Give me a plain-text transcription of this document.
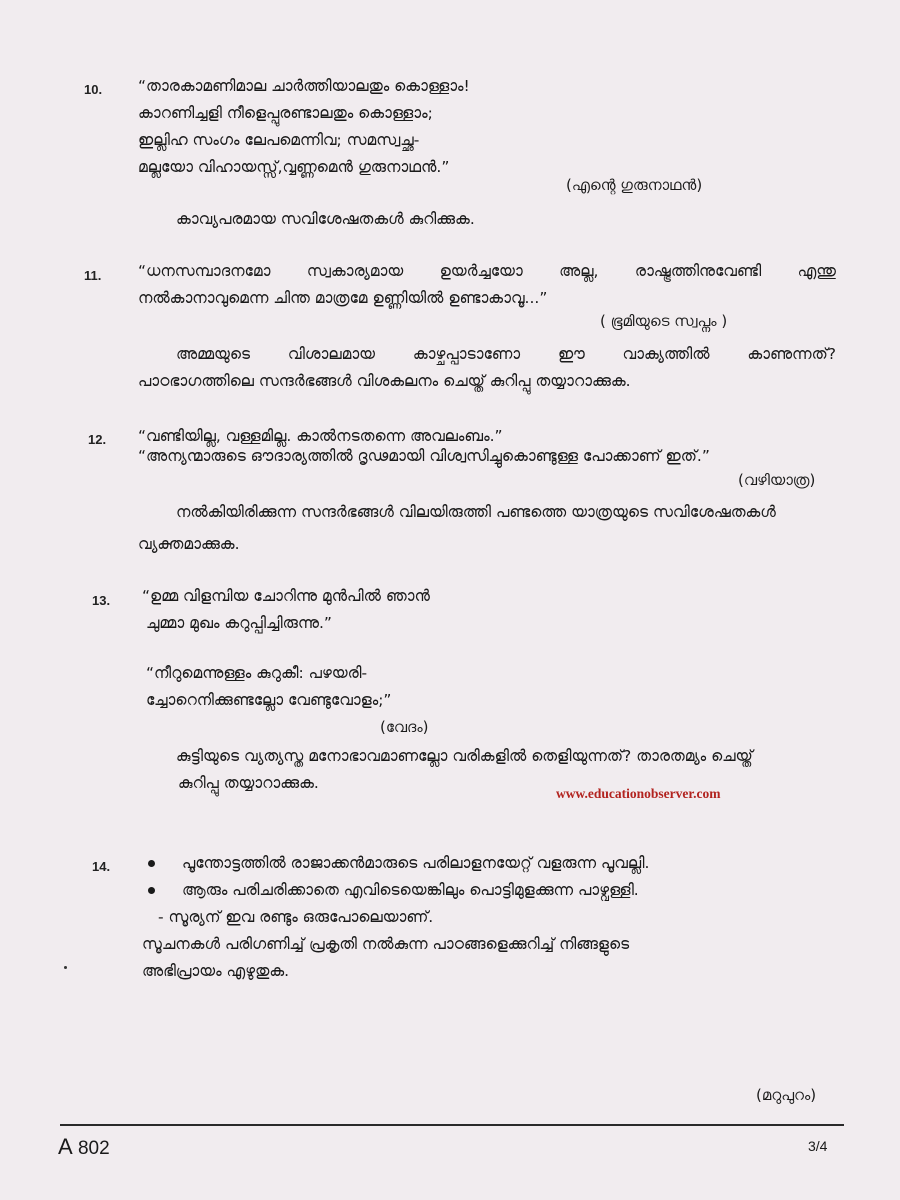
10. “താരകാമണിമാല ചാർത്തിയാലതും കൊള്ളാം!
കാറണിച്ചളി നീളെപ്പുരണ്ടാലതും കൊള്ളാം;
ഇല്ലിഹ സംഗം ലേപമെന്നിവ; സമസ്വച്ഛ-
മല്ലയോ വിഹായസ്സ്,വ്വണ്ണമെൻ ഗുരുനാഥൻ.”
(എന്റെ ഗുരുനാഥൻ)
കാവ്യപരമായ സവിശേഷതകൾ കുറിക്കുക.
11. “ധനസമ്പാദനമോ സ്വകാര്യമായ ഉയർച്ചയോ അല്ല, രാഷ്ട്രത്തിനുവേണ്ടി എന്തു
നൽകാനാവുമെന്ന ചിന്ത മാത്രമേ ഉണ്ണിയിൽ ഉണ്ടാകാവൂ...”
( ഭൂമിയുടെ സ്വപ്നം )
അമ്മയുടെ വിശാലമായ കാഴ്ചപ്പാടാണോ ഈ വാക്യത്തിൽ കാണുന്നത്?
പാഠഭാഗത്തിലെ സന്ദർഭങ്ങൾ വിശകലനം ചെയ്ത് കുറിപ്പു തയ്യാറാക്കുക.
12. “വണ്ടിയില്ല, വള്ളമില്ല. കാൽനടതന്നെ അവലംബം.”
“അന്യന്മാരുടെ ഔദാര്യത്തിൽ ദൃഢമായി വിശ്വസിച്ചുകൊണ്ടുള്ള പോക്കാണ് ഇത്.”
(വഴിയാത്ര)
നൽകിയിരിക്കുന്ന സന്ദർഭങ്ങൾ വിലയിരുത്തി പണ്ടത്തെ യാത്രയുടെ സവിശേഷതകൾ
വ്യക്തമാക്കുക.
13. “ഉമ്മ വിളമ്പിയ ചോറിന്നു മുൻപിൽ ഞാൻ
ചുമ്മാ മുഖം കറുപ്പിച്ചിരുന്നു.”
“നീറുമെന്നുള്ളം കുറുകീ: പഴയരി-
ച്ചോറെനിക്കുണ്ടല്ലോ വേണ്ടുവോളം;”
(വേദം)
കുട്ടിയുടെ വ്യത്യസ്ത മനോഭാവമാണല്ലോ വരികളിൽ തെളിയുന്നത്? താരതമ്യം ചെയ്ത്
കുറിപ്പു തയ്യാറാക്കുക.
www.educationobserver.com
14.	പൂന്തോട്ടത്തിൽ രാജാക്കൻമാരുടെ പരിലാളനയേറ്റ് വളരുന്ന പൂവല്ലി.
ആരും പരിചരിക്കാതെ എവിടെയെങ്കിലും പൊട്ടിമുളക്കുന്ന പാഴ്വള്ളി.
- സൂര്യന് ഇവ രണ്ടും ഒരുപോലെയാണ്.
സൂചനകൾ പരിഗണിച്ച് പ്രകൃതി നൽകുന്ന പാഠങ്ങളെക്കുറിച്ച് നിങ്ങളുടെ
അഭിപ്രായം എഴുതുക.
(മറുപുറം)
A 802	3/4
